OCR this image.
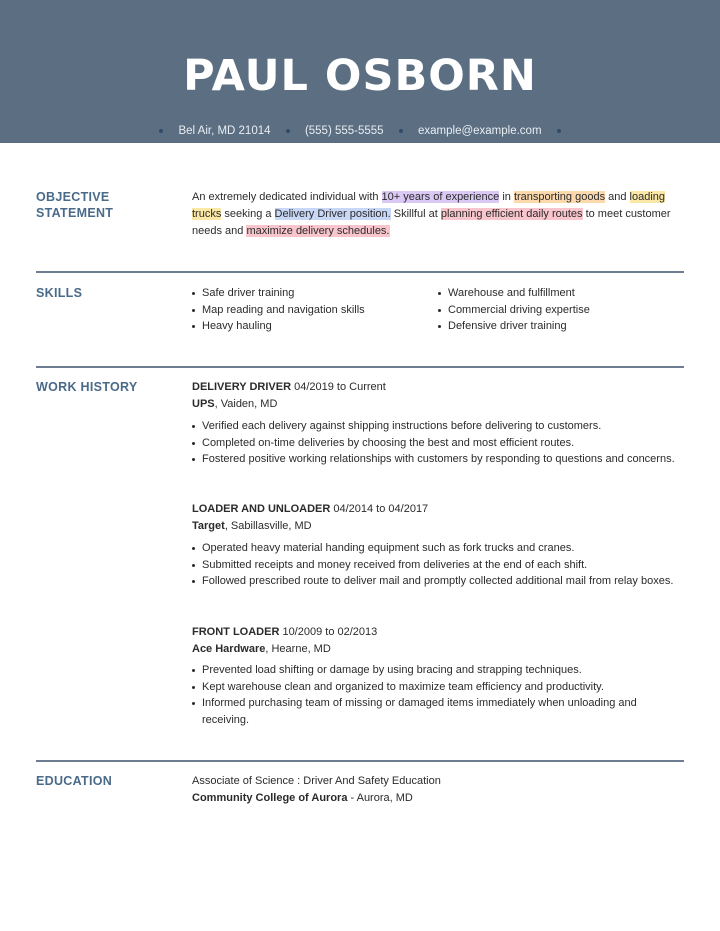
PAUL OSBORN
Bel Air, MD 21014	(555) 555-5555	example@example.com
OBJECTIVE
STATEMENT
An extremely dedicated individual with 10+ years of experience in transporting goods and loading trucks seeking a Delivery Driver position. Skillful at planning efficient daily routes to meet customer needs and maximize delivery schedules.
SKILLS	Safe driver training
Map reading and navigation skills
Heavy hauling
Warehouse and fulfillment
Commercial driving expertise
Defensive driver training
WORK HISTORY	DELIVERY DRIVER 04/2019 to Current
UPS, Vaiden, MD
Verified each delivery against shipping instructions before delivering to customers.
Completed on-time deliveries by choosing the best and most efficient routes.
Fostered positive working relationships with customers by responding to questions and concerns.
LOADER AND UNLOADER 04/2014 to 04/2017
Target, Sabillasville, MD
Operated heavy material handing equipment such as fork trucks and cranes.
Submitted receipts and money received from deliveries at the end of each shift.
Followed prescribed route to deliver mail and promptly collected additional mail from relay boxes.
FRONT LOADER 10/2009 to 02/2013
Ace Hardware, Hearne, MD
Prevented load shifting or damage by using bracing and strapping techniques.
Kept warehouse clean and organized to maximize team efficiency and productivity.
Informed purchasing team of missing or damaged items immediately when unloading and receiving.
EDUCATION	Associate of Science : Driver And Safety Education
Community College of Aurora - Aurora, MD
